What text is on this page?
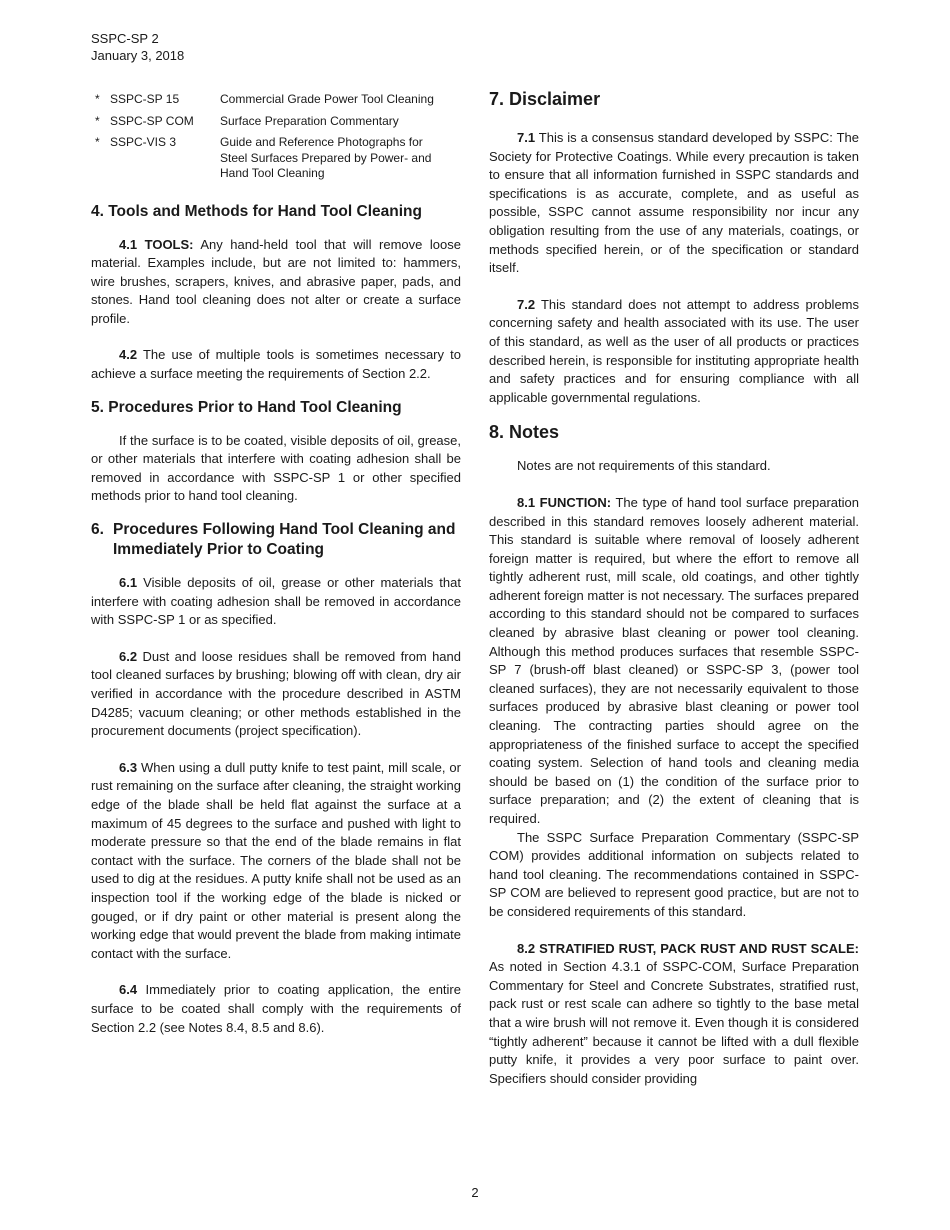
SSPC-SP 2
January 3, 2018
* SSPC-SP 15	Commercial Grade Power Tool Cleaning
* SSPC-SP COM	Surface Preparation Commentary
* SSPC-VIS 3	Guide and Reference Photographs for Steel Surfaces Prepared by Power- and Hand Tool Cleaning
4. Tools and Methods for Hand Tool Cleaning

4.1 TOOLS: Any hand-held tool that will remove loose material. Examples include, but are not limited to: hammers, wire brushes, scrapers, knives, and abrasive paper, pads, and stones. Hand tool cleaning does not alter or create a surface profile.

4.2 The use of multiple tools is sometimes necessary to achieve a surface meeting the requirements of Section 2.2.

5. Procedures Prior to Hand Tool Cleaning

If the surface is to be coated, visible deposits of oil, grease, or other materials that interfere with coating adhesion shall be removed in accordance with SSPC-SP 1 or other specified methods prior to hand tool cleaning.

6. Procedures Following Hand Tool Cleaning and Immediately Prior to Coating

6.1 Visible deposits of oil, grease or other materials that interfere with coating adhesion shall be removed in accordance with SSPC-SP 1 or as specified.

6.2 Dust and loose residues shall be removed from hand tool cleaned surfaces by brushing; blowing off with clean, dry air verified in accordance with the procedure described in ASTM D4285; vacuum cleaning; or other methods established in the procurement documents (project specification).

6.3 When using a dull putty knife to test paint, mill scale, or rust remaining on the surface after cleaning, the straight working edge of the blade shall be held flat against the surface at a maximum of 45 degrees to the surface and pushed with light to moderate pressure so that the end of the blade remains in flat contact with the surface. The corners of the blade shall not be used to dig at the residues. A putty knife shall not be used as an inspection tool if the working edge of the blade is nicked or gouged, or if dry paint or other material is present along the working edge that would prevent the blade from making intimate contact with the surface.

6.4 Immediately prior to coating application, the entire surface to be coated shall comply with the requirements of Section 2.2 (see Notes 8.4, 8.5 and 8.6).

7. Disclaimer

7.1 This is a consensus standard developed by SSPC: The Society for Protective Coatings. While every precaution is taken to ensure that all information furnished in SSPC standards and specifications is as accurate, complete, and as useful as possible, SSPC cannot assume responsibility nor incur any obligation resulting from the use of any materials, coatings, or methods specified herein, or of the specification or standard itself.

7.2 This standard does not attempt to address problems concerning safety and health associated with its use. The user of this standard, as well as the user of all products or practices described herein, is responsible for instituting appropriate health and safety practices and for ensuring compliance with all applicable governmental regulations.

8. Notes

Notes are not requirements of this standard.

8.1 FUNCTION: The type of hand tool surface preparation described in this standard removes loosely adherent material. This standard is suitable where removal of loosely adherent foreign matter is required, but where the effort to remove all tightly adherent rust, mill scale, old coatings, and other tightly adherent foreign matter is not necessary. The surfaces prepared according to this standard should not be compared to surfaces cleaned by abrasive blast cleaning or power tool cleaning. Although this method produces surfaces that resemble SSPC-SP 7 (brush-off blast cleaned) or SSPC-SP 3, (power tool cleaned surfaces), they are not necessarily equivalent to those surfaces produced by abrasive blast cleaning or power tool cleaning. The contracting parties should agree on the appropriateness of the finished surface to accept the specified coating system. Selection of hand tools and cleaning media should be based on (1) the condition of the surface prior to surface preparation; and (2) the extent of cleaning that is required.

The SSPC Surface Preparation Commentary (SSPC-SP COM) provides additional information on subjects related to hand tool cleaning. The recommendations contained in SSPC-SP COM are believed to represent good practice, but are not to be considered requirements of this standard.

8.2 STRATIFIED RUST, PACK RUST AND RUST SCALE: As noted in Section 4.3.1 of SSPC-COM, Surface Preparation Commentary for Steel and Concrete Substrates, stratified rust, pack rust or rest scale can adhere so tightly to the base metal that a wire brush will not remove it. Even though it is considered “tightly adherent” because it cannot be lifted with a dull flexible putty knife, it provides a very poor surface to paint over. Specifiers should consider providing

2
